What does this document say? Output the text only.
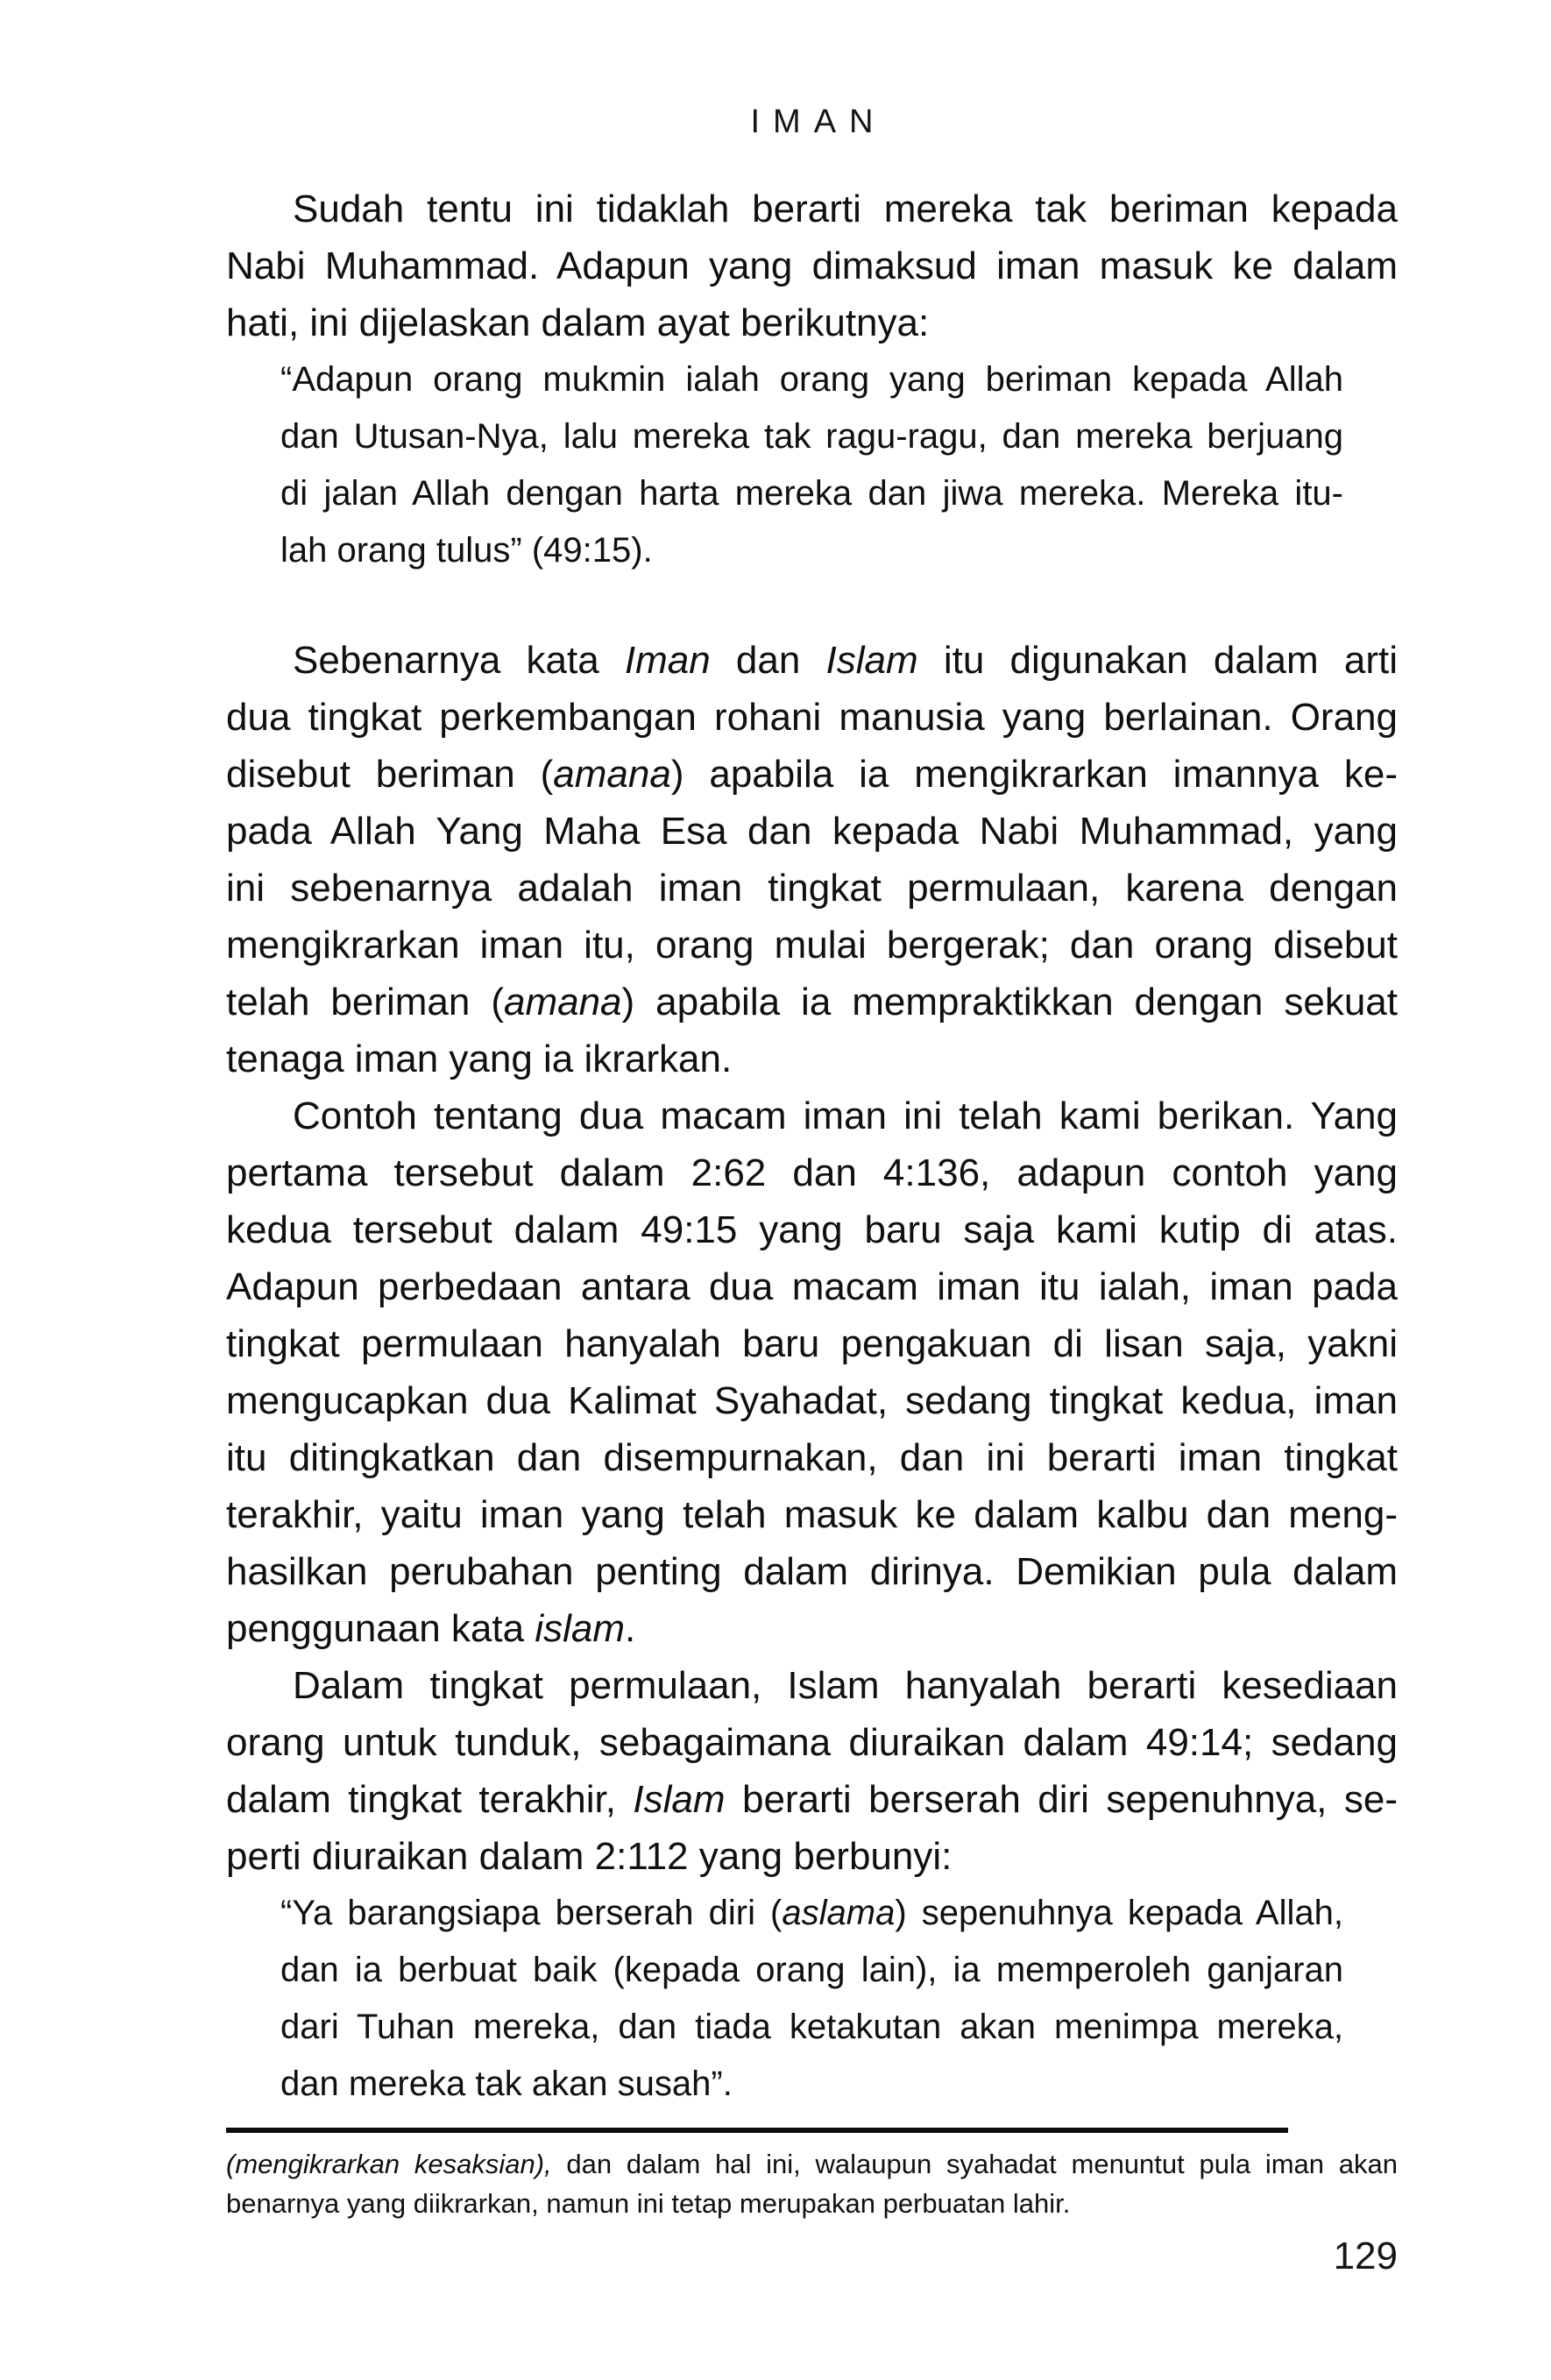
IMAN
Sudah tentu ini tidaklah berarti mereka tak beriman kepada
Nabi Muhammad. Adapun yang dimaksud iman masuk ke dalam
hati, ini dijelaskan dalam ayat berikutnya:
“Adapun orang mukmin ialah orang yang beriman kepada Allah
dan Utusan-Nya, lalu mereka tak ragu-ragu, dan mereka berjuang
di jalan Allah dengan harta mereka dan jiwa mereka. Mereka itu-
lah orang tulus” (49:15).
Sebenarnya kata Iman dan Islam itu digunakan dalam arti
dua tingkat perkembangan rohani manusia yang berlainan. Orang
disebut beriman (amana) apabila ia mengikrarkan imannya ke-
pada Allah Yang Maha Esa dan kepada Nabi Muhammad, yang
ini sebenarnya adalah iman tingkat permulaan, karena dengan
mengikrarkan iman itu, orang mulai bergerak; dan orang disebut
telah beriman (amana) apabila ia mempraktikkan dengan sekuat
tenaga iman yang ia ikrarkan.
Contoh tentang dua macam iman ini telah kami berikan. Yang
pertama tersebut dalam 2:62 dan 4:136, adapun contoh yang
kedua tersebut dalam 49:15 yang baru saja kami kutip di atas.
Adapun perbedaan antara dua macam iman itu ialah, iman pada
tingkat permulaan hanyalah baru pengakuan di lisan saja, yakni
mengucapkan dua Kalimat Syahadat, sedang tingkat kedua, iman
itu ditingkatkan dan disempurnakan, dan ini berarti iman tingkat
terakhir, yaitu iman yang telah masuk ke dalam kalbu dan meng-
hasilkan perubahan penting dalam dirinya. Demikian pula dalam
penggunaan kata islam.
Dalam tingkat permulaan, Islam hanyalah berarti kesediaan
orang untuk tunduk, sebagaimana diuraikan dalam 49:14; sedang
dalam tingkat terakhir, Islam berarti berserah diri sepenuhnya, se-
perti diuraikan dalam 2:112 yang berbunyi:
“Ya barangsiapa berserah diri (aslama) sepenuhnya kepada Allah,
dan ia berbuat baik (kepada orang lain), ia memperoleh ganjaran
dari Tuhan mereka, dan tiada ketakutan akan menimpa mereka,
dan mereka tak akan susah”.
(mengikrarkan kesaksian), dan dalam hal ini, walaupun syahadat menuntut pula iman akan
benarnya yang diikrarkan, namun ini tetap merupakan perbuatan lahir.
129
